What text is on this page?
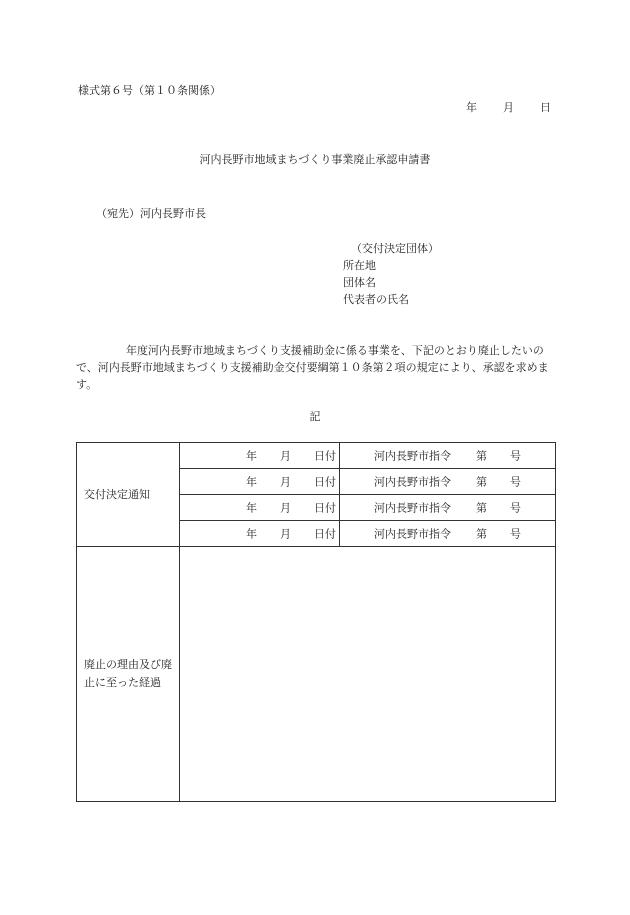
様式第６号（第１０条関係）
年 月 日
河内長野市地域まちづくり事業廃止承認申請書
（宛先）河内長野市長
（交付決定団体）
所在地
団体名
代表者の氏名
年度河内長野市地域まちづくり支援補助金に係る事業を、下記のとおり廃止したいので、河内長野市地域まちづくり支援補助金交付要綱第１０条第２項の規定により、承認を求めます。
記
交付決定通知	年 月 日付	河内長野市指令 第 号

	年 月 日付	河内長野市指令 第 号

	年 月 日付	河内長野市指令 第 号

	年 月 日付	河内長野市指令 第 号

廃止の理由及び廃止に至った経過		
